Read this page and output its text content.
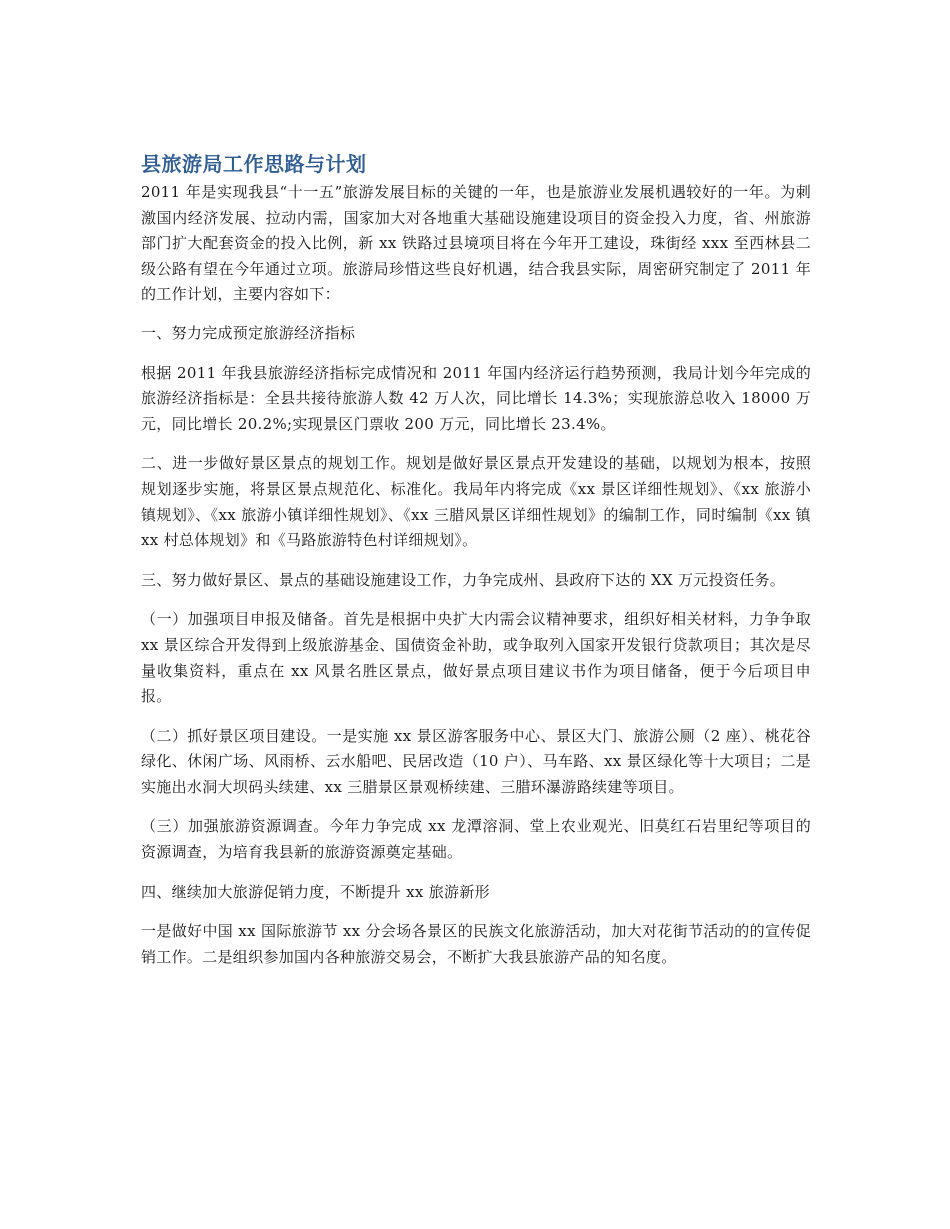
县旅游局工作思路与计划

2011 年是实现我县“十一五”旅游发展目标的关键的一年，也是旅游业发展机遇较好的一年。为刺激国内经济发展、拉动内需，国家加大对各地重大基础设施建设项目的资金投入力度，省、州旅游部门扩大配套资金的投入比例，新 xx 铁路过县境项目将在今年开工建设，珠街经 xxx 至西林县二级公路有望在今年通过立项。旅游局珍惜这些良好机遇，结合我县实际，周密研究制定了 2011 年的工作计划，主要内容如下：

一、努力完成预定旅游经济指标

根据 2011 年我县旅游经济指标完成情况和 2011 年国内经济运行趋势预测，我局计划今年完成的旅游经济指标是：全县共接待旅游人数 42 万人次，同比增长 14.3%；实现旅游总收入 18000 万元，同比增长 20.2%;实现景区门票收 200 万元，同比增长 23.4%。

二、进一步做好景区景点的规划工作。规划是做好景区景点开发建设的基础，以规划为根本，按照规划逐步实施，将景区景点规范化、标准化。我局年内将完成《xx 景区详细性规划》、《xx 旅游小镇规划》、《xx 旅游小镇详细性规划》、《xx 三腊风景区详细性规划》的编制工作，同时编制《xx 镇 xx 村总体规划》和《马路旅游特色村详细规划》。

三、努力做好景区、景点的基础设施建设工作，力争完成州、县政府下达的 XX 万元投资任务。

（一）加强项目申报及储备。首先是根据中央扩大内需会议精神要求，组织好相关材料，力争争取 xx 景区综合开发得到上级旅游基金、国债资金补助，或争取列入国家开发银行贷款项目；其次是尽量收集资料，重点在 xx 风景名胜区景点，做好景点项目建议书作为项目储备，便于今后项目申报。

（二）抓好景区项目建设。一是实施 xx 景区游客服务中心、景区大门、旅游公厕（2 座）、桃花谷绿化、休闲广场、风雨桥、云水船吧、民居改造（10 户）、马车路、xx 景区绿化等十大项目；二是实施出水洞大坝码头续建、xx 三腊景区景观桥续建、三腊环瀑游路续建等项目。

（三）加强旅游资源调查。今年力争完成 xx 龙潭溶洞、堂上农业观光、旧莫红石岩里纪等项目的资源调查，为培育我县新的旅游资源奠定基础。

四、继续加大旅游促销力度，不断提升 xx 旅游新形

一是做好中国 xx 国际旅游节 xx 分会场各景区的民族文化旅游活动，加大对花街节活动的的宣传促销工作。二是组织参加国内各种旅游交易会，不断扩大我县旅游产品的知名度。
